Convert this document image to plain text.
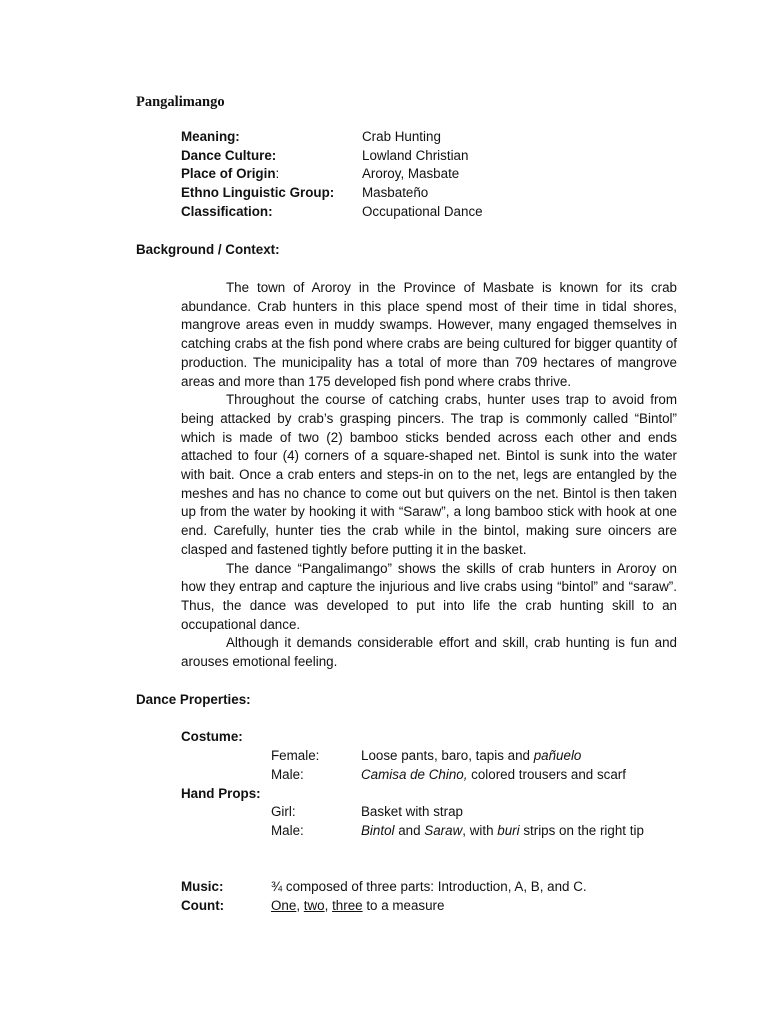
Pangalimango
Meaning:	Crab Hunting
Dance Culture:	Lowland Christian
Place of Origin:	Aroroy, Masbate
Ethno Linguistic Group:	Masbateño
Classification:	Occupational Dance
Background / Context:

The town of Aroroy in the Province of Masbate is known for its crab abundance. Crab hunters in this place spend most of their time in tidal shores, mangrove areas even in muddy swamps. However, many engaged themselves in catching crabs at the fish pond where crabs are being cultured for bigger quantity of production. The municipality has a total of more than 709 hectares of mangrove areas and more than 175 developed fish pond where crabs thrive.

Throughout the course of catching crabs, hunter uses trap to avoid from being attacked by crab’s grasping pincers. The trap is commonly called “Bintol” which is made of two (2) bamboo sticks bended across each other and ends attached to four (4) corners of a square-shaped net. Bintol is sunk into the water with bait. Once a crab enters and steps-in on to the net, legs are entangled by the meshes and has no chance to come out but quivers on the net. Bintol is then taken up from the water by hooking it with “Saraw”, a long bamboo stick with hook at one end. Carefully, hunter ties the crab while in the bintol, making sure oincers are clasped and fastened tightly before putting it in the basket.

The dance “Pangalimango” shows the skills of crab hunters in Aroroy on how they entrap and capture the injurious and live crabs using “bintol” and “saraw”. Thus, the dance was developed to put into life the crab hunting skill to an occupational dance.

Although it demands considerable effort and skill, crab hunting is fun and arouses emotional feeling.

Dance Properties:
Costume:
Female:	Loose pants, baro, tapis and pañuelo
Male:	Camisa de Chino, colored trousers and scarf
Hand Props:
Girl:	Basket with strap
Male:	Bintol and Saraw, with buri strips on the right tip
Music:	¾ composed of three parts: Introduction, A, B, and C.
Count:	One, two, three to a measure
